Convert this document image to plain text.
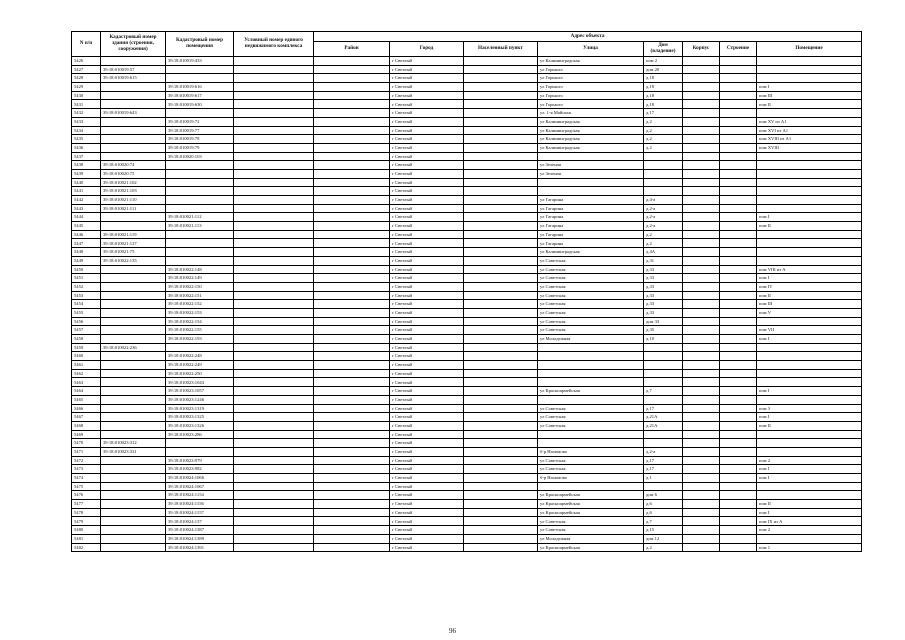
N п/п	Кадастровый номер здания (строения, сооружения)	Кадастровый номер помещения	Условный номер единого недвижимого комплекса	Адрес объекта							
				Район	Город	Населенный пункт	Улица	Дом (владение)	Корпус	Строение	Помещение
5426		39:18:010019:433			г Светлый		ул Калининградская	пом 2			
5427	39:18:010019:57				г Светлый		ул Горького	дом 20			
5428	39:18:010019:615				г Светлый		ул Горького	д.18			
5429		39:18:010019:616			г Светлый		ул Горького	д.18			пом I
5430		39:18:010019:617			г Светлый		ул Горького	д.18			пом III
5431		39:18:010019:630			г Светлый		ул Горького	д.18			пом II
5432	39:18:010019:643				г Светлый		ул. 1-я Майская	д.17			
5433		39:18:010019:72			г Светлый		ул Калининградская	д.2			пом XV из А1
5434		39:18:010019:77			г Светлый		ул Калининградская	д.2			пом XVI из А1
5435		39:18:010019:78			г Светлый		ул Калининградская	д.2			пом XVIII из А1
5436		39:18:010019:79			г Светлый		ул Калининградская	д.2			пом XVIII
5437		39:18:010020:103			г Светлый						
5438	39:18:010020:74				г Светлый		ул Зеленая				
5439	39:18:010020:75				г Светлый		ул Зеленая				
5440	39:18:010021:102				г Светлый						
5441	39:18:010021:103				г Светлый						
5442	39:18:010021:110				г Светлый		ул Гагарина	д.4-а			
5443	39:18:010021:111				г Светлый		ул Гагарина	д.2-а			
5444		39:18:010021:112			г Светлый		ул Гагарина	д.2-а			пом I
5445		39:18:010021:113			г Светлый		ул Гагарина	д.2-а			пом II
5446	39:18:010021:119				г Светлый		ул Гагарина	д.2			
5447	39:18:010021:127				г Светлый		ул Гагарина	д.2			
5448	39:18:010021:75				г Светлый		ул Калининградская	д.4А			
5449	39:18:010022:135				г Светлый		ул Советская	д.31			
5450		39:18:010022:148			г Светлый		ул Советская	д.33			пом VIII из А
5451		39:18:010022:149			г Светлый		ул Советская	д.33			пом I
5452		39:18:010022:150			г Светлый		ул Советская	д.33			пом IV
5453		39:18:010022:151			г Светлый		ул Советская	д.33			пом II
5454		39:18:010022:152			г Светлый		ул Советская	д.33			пом III
5455		39:18:010022:153			г Светлый		ул Советская	д.33			пом V
5456		39:18:010022:154			г Светлый		ул Советская	дом 33			
5457		39:18:010022:155			г Светлый		ул Советская	д.35			пом VII
5458		39:18:010022:193			г Светлый		ул Молодежная	д.10			пом I
5459	39:18:010022:236				г Светлый						
5460		39:18:010022:248			г Светлый						
5461		39:18:010022:249			г Светлый						
5462		39:18:010022:250			г Светлый						
5463		39:18:010023:1043			г Светлый						
5464		39:18:010023:1057			г Светлый		ул Красноармейская	д.7			пом I
5465		39:18:010023:1246			г Светлый						
5466		39:18:010023:1319			г Светлый		ул Советская	д.17			пом 3
5467		39:18:010023:1325			г Светлый		ул Советская	д.21А			пом I
5468		39:18:010023:1326			г Светлый		ул Советская	д.21А			пом II
5469		39:18:010023:286			г Светлый						
5470	39:18:010023:312				г Светлый						
5471	39:18:010023:331				г Светлый		б-р Нахимова	д.2-а			
5472		39:18:010023:979			г Светлый		ул Советская	д.17			пом 2
5473		39:18:010023:982			г Светлый		ул Советская	д.17			пом I
5474		39:18:010024:1066			г Светлый		б-р Нахимова	д.1			пом I
5475		39:18:010024:1067			г Светлый						
5476		39:18:010024:1154			г Светлый		ул Красноармейская	дом 6			
5477		39:18:010024:1156			г Светлый		ул Красноармейская	д.6			пом II
5478		39:18:010024:1157			г Светлый		ул Красноармейская	д.6			пом I
5479		39:18:010024:137			г Светлый		ул Советская	д.7			пом IX из А
5480		39:18:010024:1387			г Светлый		ул Советская	д.15			пом 2
5481		39:18:010024:1389			г Светлый		ул Молодежная	дом 12			
5482		39:18:010024:1391			г Светлый		ул Красноармейская	д.2			пом 1
96
